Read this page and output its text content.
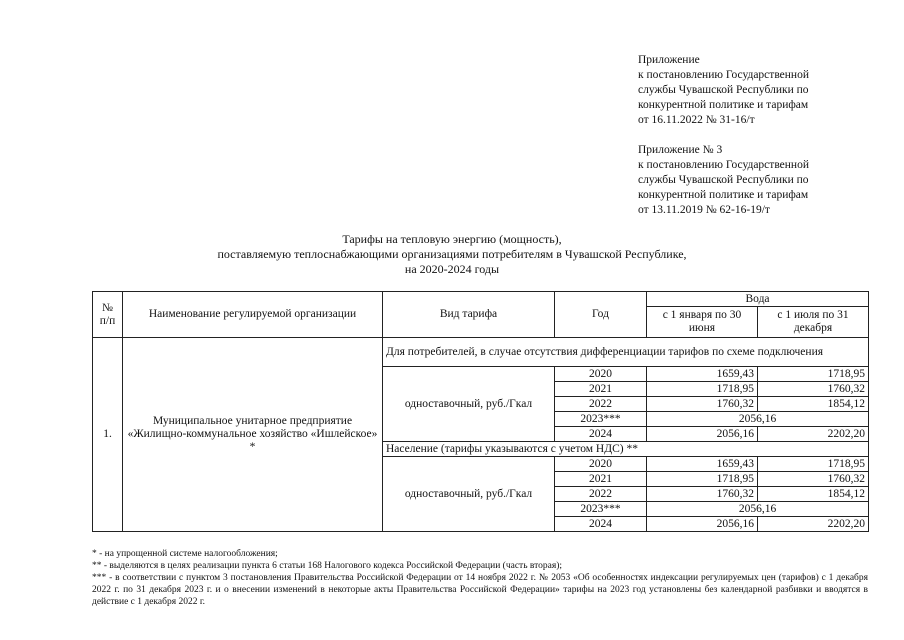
Приложение
к постановлению Государственной
службы Чувашской Республики по
конкурентной политике и тарифам
от 16.11.2022 № 31-16/т
Приложение № 3
к постановлению Государственной
службы Чувашской Республики по
конкурентной политике и тарифам
от 13.11.2019 № 62-16-19/т
Тарифы на тепловую энергию (мощность),
поставляемую теплоснабжающими организациями потребителям в Чувашской Республике,
на 2020-2024 годы
№ п/п	Наименование регулируемой организации	Вид тарифа	Год	Вода	
				с 1 января по 30 июня	с 1 июля по 31 декабря
1.	Муниципальное унитарное предприятие «Жилищно-коммунальное хозяйство «Ишлейское» *	Для потребителей, в случае отсутствия дифференциации тарифов по схеме подключения			
		одноставочный, руб./Гкал	2020	1659,43	1718,95
			2021	1718,95	1760,32
			2022	1760,32	1854,12
			2023***	2056,16	
			2024	2056,16	2202,20
		Население (тарифы указываются с учетом НДС) **			
		одноставочный, руб./Гкал	2020	1659,43	1718,95
			2021	1718,95	1760,32
			2022	1760,32	1854,12
			2023***	2056,16	
			2024	2056,16	2202,20
* - на упрощенной системе налогообложения;
** - выделяются в целях реализации пункта 6 статьи 168 Налогового кодекса Российской Федерации (часть вторая);
*** - в соответствии с пунктом 3 постановления Правительства Российской Федерации от 14 ноября 2022 г. № 2053 «Об особенностях индексации регулируемых цен (тарифов) с 1 декабря 2022 г. по 31 декабря 2023 г. и о внесении изменений в некоторые акты Правительства Российской Федерации» тарифы на 2023 год установлены без календарной разбивки и вводятся в действие с 1 декабря 2022 г.
